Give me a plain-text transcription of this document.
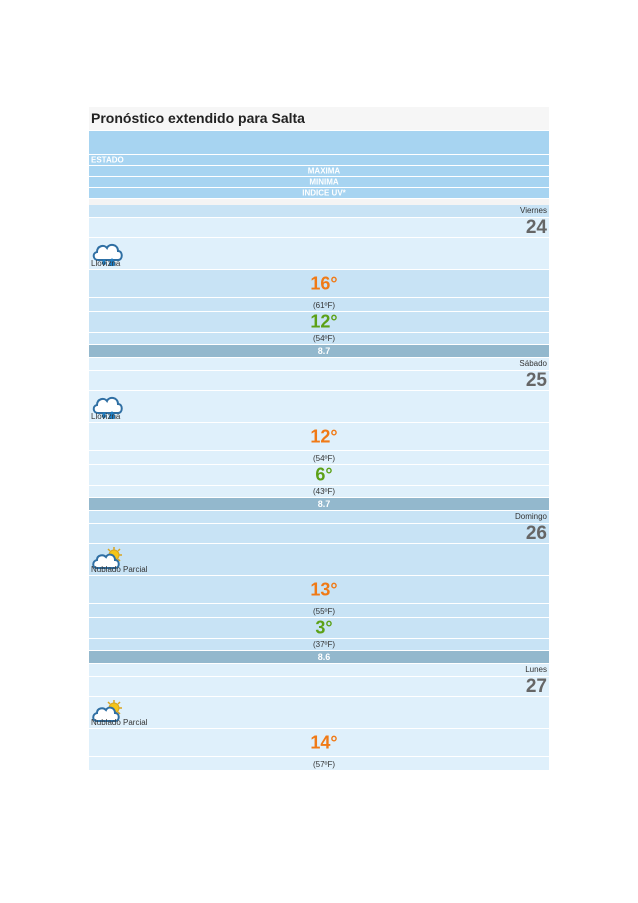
Pronóstico extendido para Salta
ESTADO
MAXIMA
MINIMA
INDICE UV*
Viernes
24
Llovizna
16°
(61ºF)
12°
(54ºF)
8.7
Sábado
25
Llovizna
12°
(54ºF)
6°
(43ºF)
8.7
Domingo
26
Nublado Parcial
13°
(55ºF)
3°
(37ºF)
8.6
Lunes
27
Nublado Parcial
14°
(57ºF)
